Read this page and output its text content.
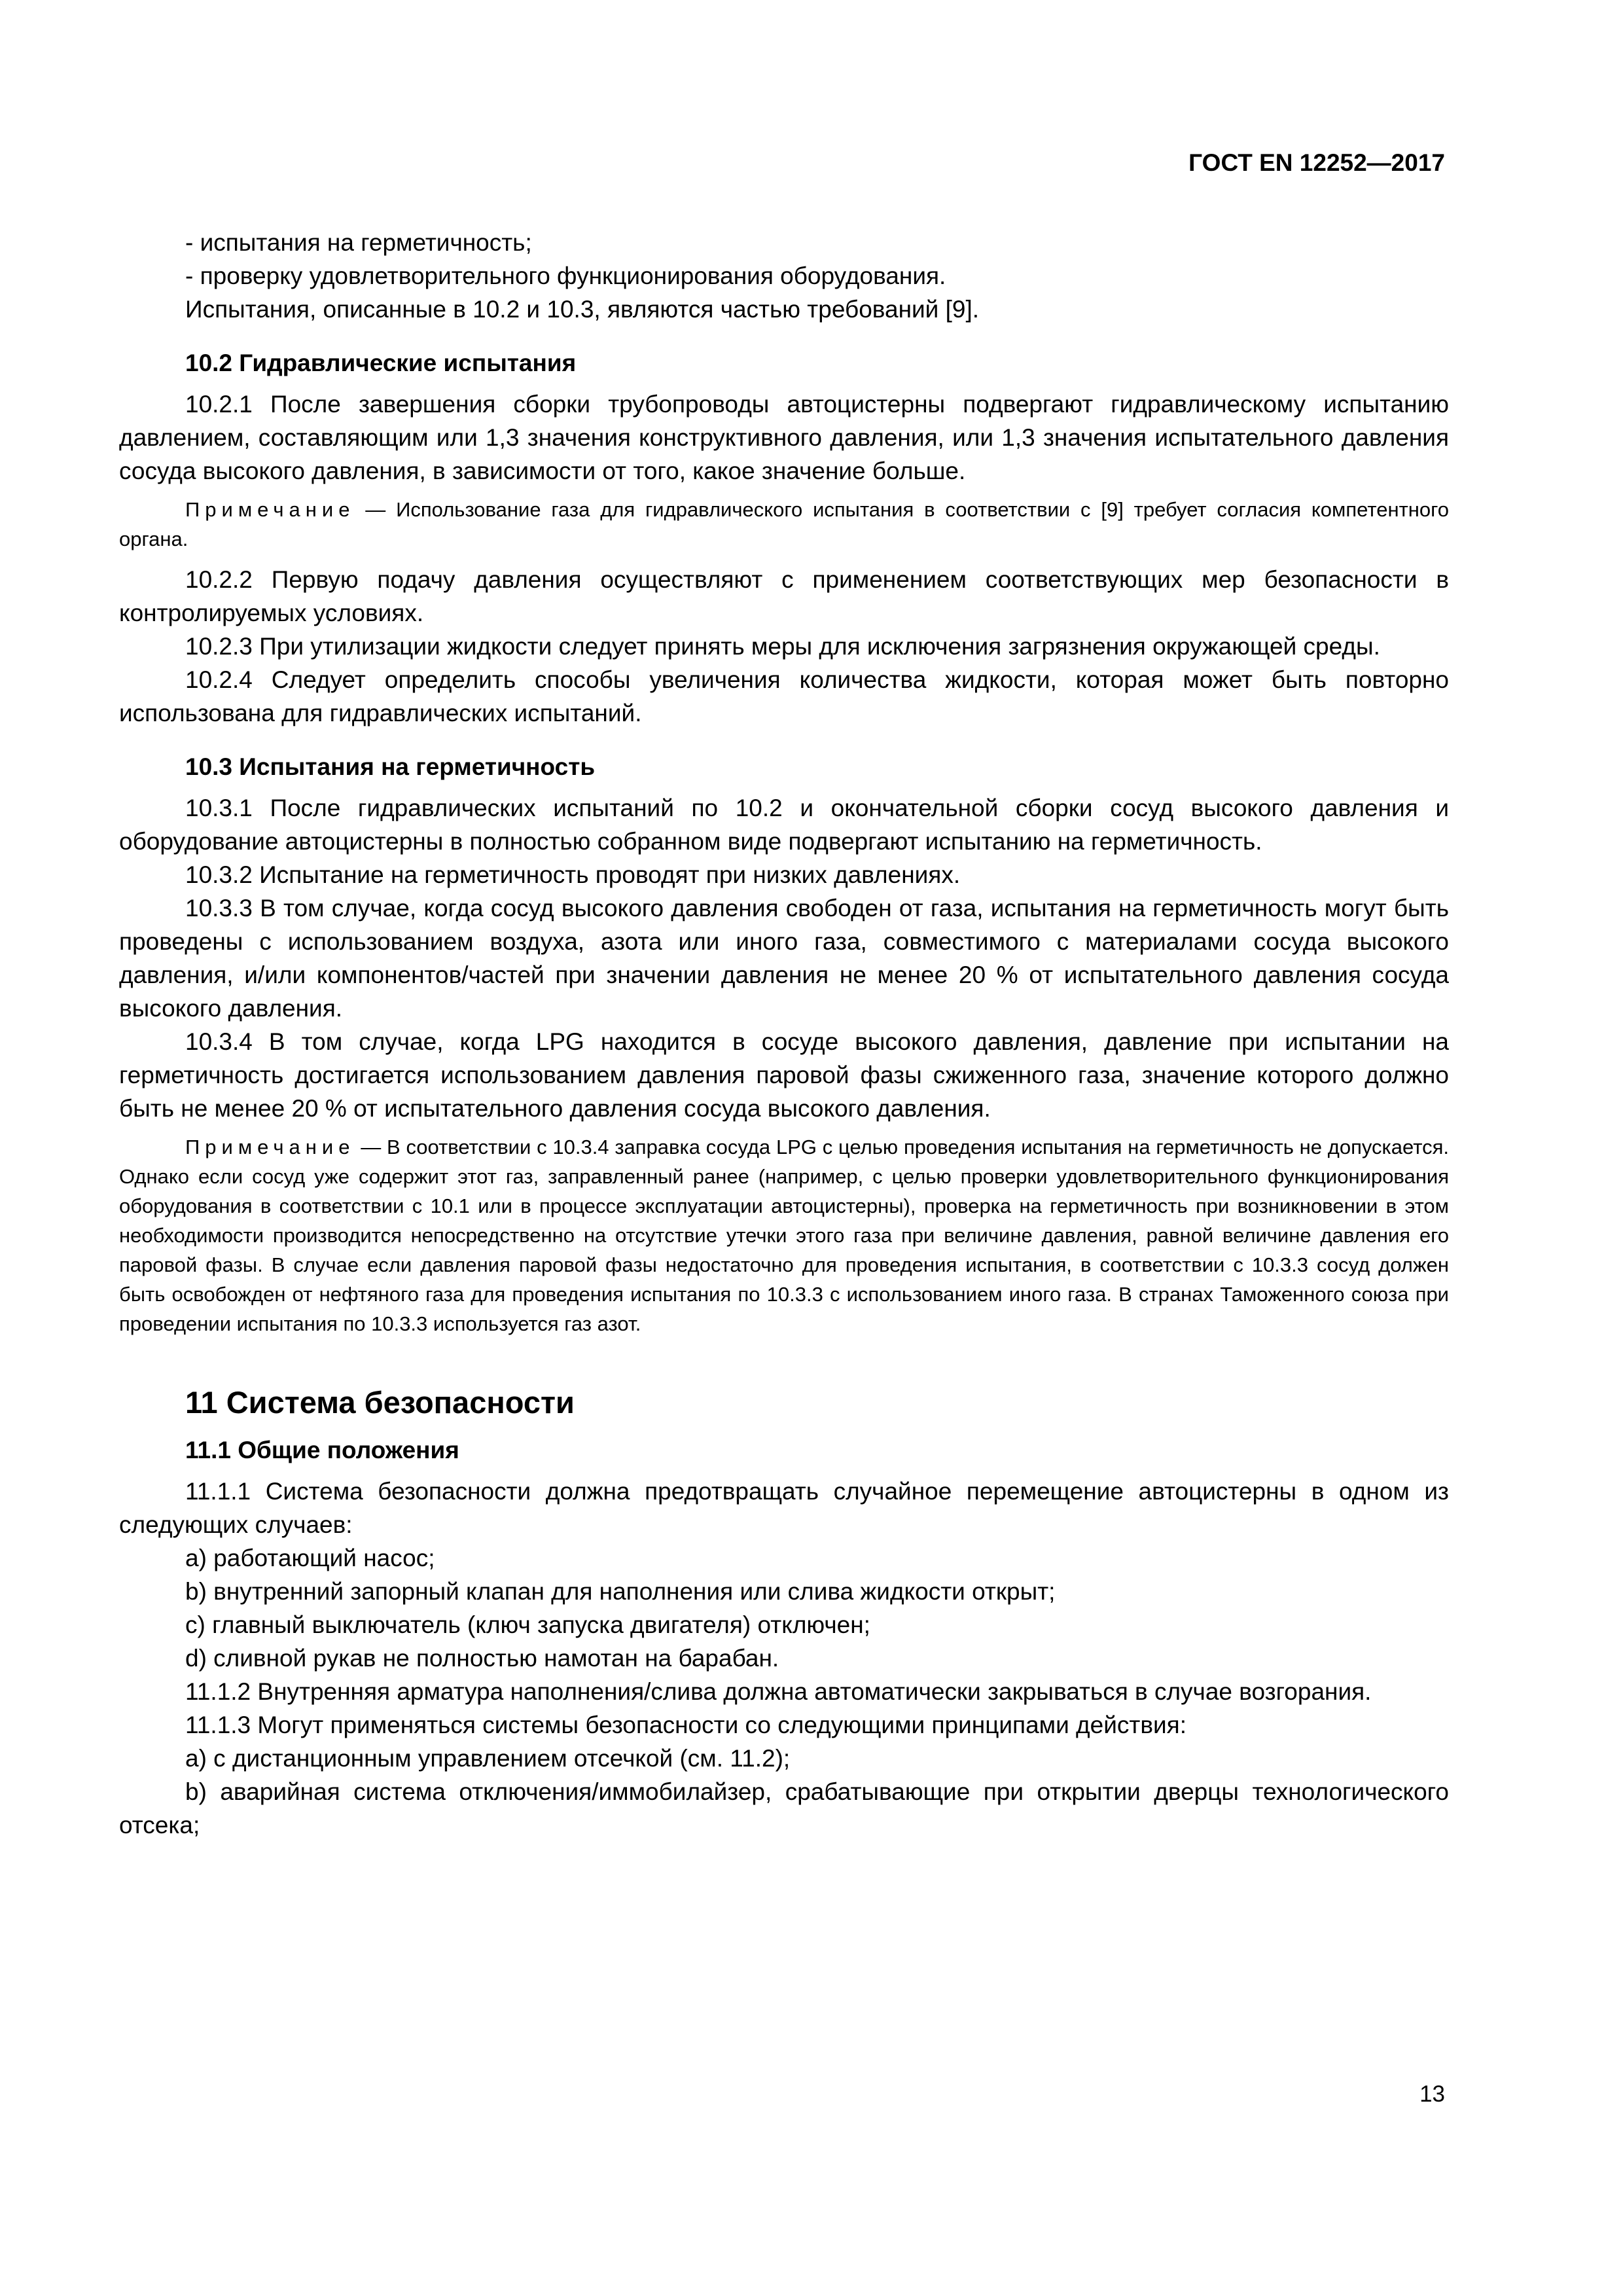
ГОСТ EN 12252—2017

- испытания на герметичность;

- проверку удовлетворительного функционирования оборудования.

Испытания, описанные в 10.2 и 10.3, являются частью требований [9].

10.2 Гидравлические испытания

10.2.1 После завершения сборки трубопроводы автоцистерны подвергают гидравлическому испытанию давлением, составляющим или 1,3 значения конструктивного давления, или 1,3 значения испытательного давления сосуда высокого давления, в зависимости от того, какое значение больше.

Примечание — Использование газа для гидравлического испытания в соответствии с [9] требует согласия компетентного органа.

10.2.2 Первую подачу давления осуществляют с применением соответствующих мер безопасности в контролируемых условиях.

10.2.3 При утилизации жидкости следует принять меры для исключения загрязнения окружающей среды.

10.2.4 Следует определить способы увеличения количества жидкости, которая может быть повторно использована для гидравлических испытаний.

10.3 Испытания на герметичность

10.3.1 После гидравлических испытаний по 10.2 и окончательной сборки сосуд высокого давления и оборудование автоцистерны в полностью собранном виде подвергают испытанию на герметичность.

10.3.2 Испытание на герметичность проводят при низких давлениях.

10.3.3 В том случае, когда сосуд высокого давления свободен от газа, испытания на герметичность могут быть проведены с использованием воздуха, азота или иного газа, совместимого с материалами сосуда высокого давления, и/или компонентов/частей при значении давления не менее 20 % от испытательного давления сосуда высокого давления.

10.3.4 В том случае, когда LPG находится в сосуде высокого давления, давление при испытании на герметичность достигается использованием давления паровой фазы сжиженного газа, значение которого должно быть не менее 20 % от испытательного давления сосуда высокого давления.

Примечание — В соответствии с 10.3.4 заправка сосуда LPG с целью проведения испытания на герметичность не допускается. Однако если сосуд уже содержит этот газ, заправленный ранее (например, с целью проверки удовлетворительного функционирования оборудования в соответствии с 10.1 или в процессе эксплуатации автоцистерны), проверка на герметичность при возникновении в этом необходимости производится непосредственно на отсутствие утечки этого газа при величине давления, равной величине давления его паровой фазы. В случае если давления паровой фазы недостаточно для проведения испытания, в соответствии с 10.3.3 сосуд должен быть освобожден от нефтяного газа для проведения испытания по 10.3.3 с использованием иного газа. В странах Таможенного союза при проведении испытания по 10.3.3 используется газ азот.

11 Система безопасности
11.1 Общие положения

11.1.1 Система безопасности должна предотвращать случайное перемещение автоцистерны в одном из следующих случаев:

a) работающий насос;

b) внутренний запорный клапан для наполнения или слива жидкости открыт;

c) главный выключатель (ключ запуска двигателя) отключен;

d) сливной рукав не полностью намотан на барабан.

11.1.2 Внутренняя арматура наполнения/слива должна автоматически закрываться в случае возгорания.

11.1.3 Могут применяться системы безопасности со следующими принципами действия:

a) с дистанционным управлением отсечкой (см. 11.2);

b) аварийная система отключения/иммобилайзер, срабатывающие при открытии дверцы технологического отсека;

13
